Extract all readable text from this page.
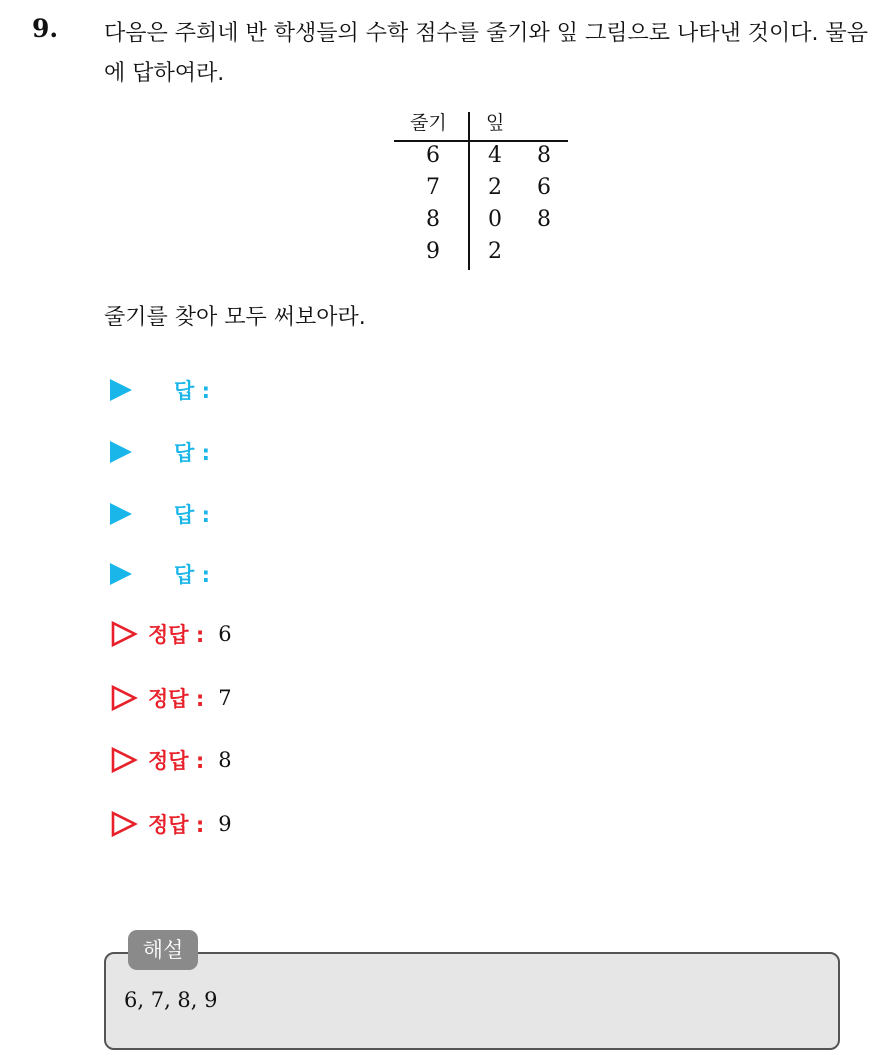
9. 다음은 주희네 반 학생들의 수학 점수를 줄기와 잎 그림으로 나타낸 것이다. 물음에 답하여라.
줄기 잎
6	4	8
7	2	6
8	0	8
9	2
줄기를 찾아 모두 써보아라.
답 :
답 :
답 :
답 :
정답 : 6
정답 : 7
정답 : 8
정답 : 9
6, 7, 8, 9
해설
